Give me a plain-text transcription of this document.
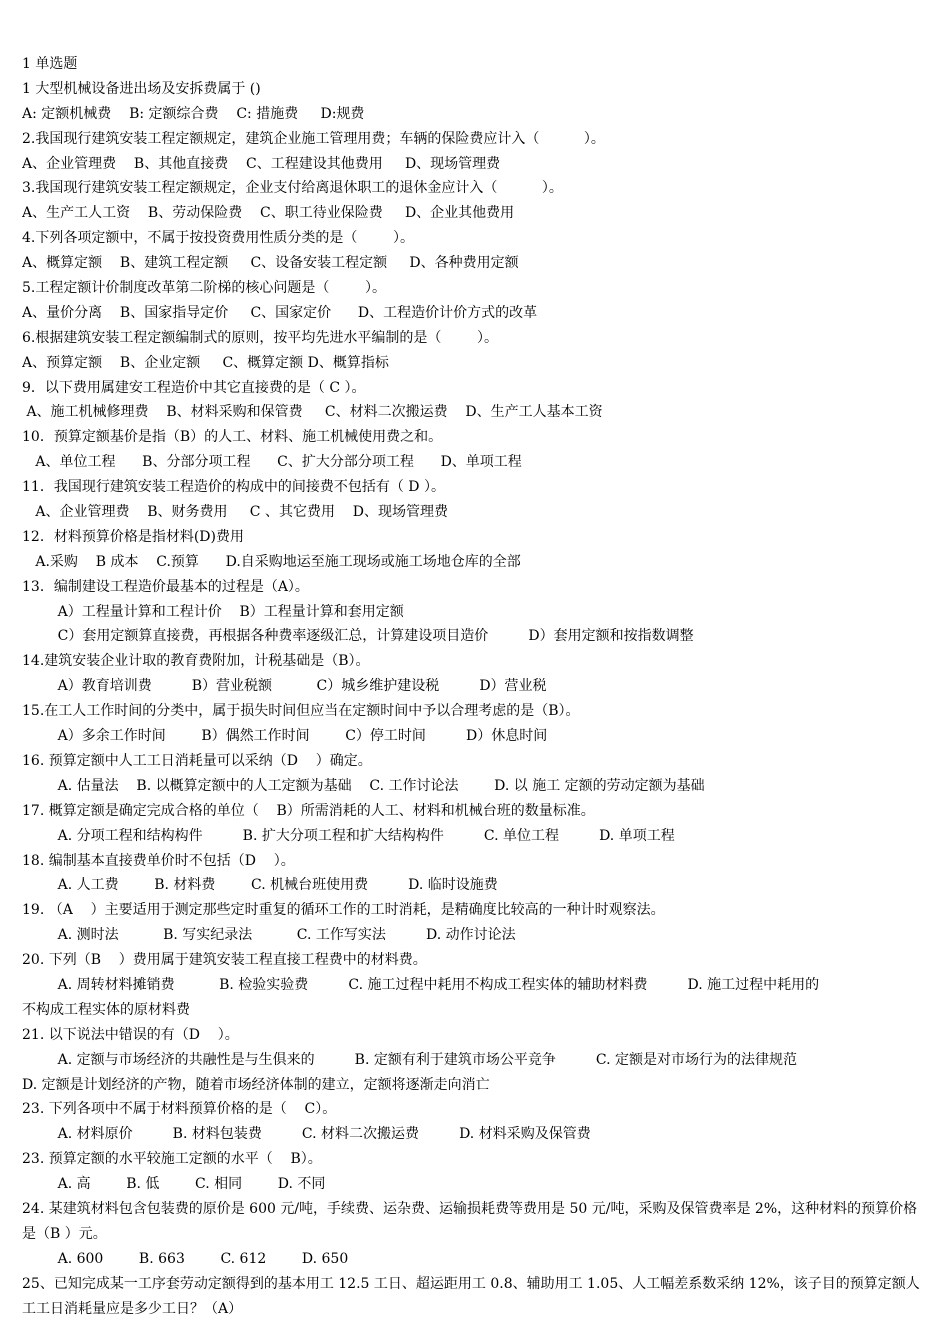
1 单选题
1 大型机械设备进出场及安拆费属于 ()
A: 定额机械费    B: 定额综合费    C: 措施费     D:规费
2.我国现行建筑安装工程定额规定，建筑企业施工管理用费；车辆的保险费应计入（          ）。
A、企业管理费    B、其他直接费    C、工程建设其他费用     D、现场管理费
3.我国现行建筑安装工程定额规定，企业支付给离退休职工的退休金应计入（          ）。
A、生产工人工资    B、劳动保险费    C、职工待业保险费     D、企业其他费用
4.下列各项定额中，不属于按投资费用性质分类的是（        ）。
A、概算定额    B、建筑工程定额     C、设备安装工程定额     D、各种费用定额
5.工程定额计价制度改革第二阶梯的核心问题是（        ）。
A、量价分离    B、国家指导定价     C、国家定价      D、工程造价计价方式的改革
6.根据建筑安装工程定额编制式的原则，按平均先进水平编制的是（        ）。
A、预算定额    B、企业定额     C、概算定额 D、概算指标
9．以下费用属建安工程造价中其它直接费的是（ C ）。
A、施工机械修理费    B、材料采购和保管费     C、材料二次搬运费    D、生产工人基本工资
10．预算定额基价是指（B）的人工、材料、施工机械使用费之和。
A、单位工程      B、分部分项工程      C、扩大分部分项工程      D、单项工程
11．我国现行建筑安装工程造价的构成中的间接费不包括有（ D ）。
A、企业管理费    B、财务费用     C 、其它费用    D、现场管理费
12．材料预算价格是指材料(D)费用
A.采购    B 成本    C.预算      D.自采购地运至施工现场或施工场地仓库的全部
13．编制建设工程造价最基本的过程是（A）。
A）工程量计算和工程计价    B）工程量计算和套用定额
C）套用定额算直接费，再根据各种费率逐级汇总，计算建设项目造价         D）套用定额和按指数调整
14.建筑安装企业计取的教育费附加，计税基础是（B）。
A）教育培训费         B）营业税额          C）城乡维护建设税         D）营业税
15.在工人工作时间的分类中，属于损失时间但应当在定额时间中予以合理考虑的是（B）。
A）多余工作时间        B）偶然工作时间        C）停工时间         D）休息时间
16. 预算定额中人工工日消耗量可以采纳（D    ）确定。
A. 估量法    B. 以概算定额中的人工定额为基础    C. 工作讨论法        D. 以 施工 定额的劳动定额为基础
17. 概算定额是确定完成合格的单位（    B）所需消耗的人工、材料和机械台班的数量标准。
A. 分项工程和结构构件         B. 扩大分项工程和扩大结构构件         C. 单位工程         D. 单项工程
18. 编制基本直接费单价时不包括（D    ）。
A. 人工费        B. 材料费        C. 机械台班使用费         D. 临时设施费
19. （A    ）主要适用于测定那些定时重复的循环工作的工时消耗，是精确度比较高的一种计时观察法。
A. 测时法          B. 写实纪录法          C. 工作写实法         D. 动作讨论法
20. 下列（B    ）费用属于建筑安装工程直接工程费中的材料费。
A. 周转材料摊销费          B. 检验实验费         C. 施工过程中耗用不构成工程实体的辅助材料费         D. 施工过程中耗用的
不构成工程实体的原材料费
21. 以下说法中错误的有（D    ）。
A. 定额与市场经济的共融性是与生俱来的         B. 定额有利于建筑市场公平竞争         C. 定额是对市场行为的法律规范
D. 定额是计划经济的产物，随着市场经济体制的建立，定额将逐渐走向消亡
23. 下列各项中不属于材料预算价格的是（    C）。
A. 材料原价         B. 材料包装费         C. 材料二次搬运费         D. 材料采购及保管费
23. 预算定额的水平较施工定额的水平（    B）。
A. 高        B. 低        C. 相同        D. 不同
24. 某建筑材料包含包装费的原价是 600 元/吨，手续费、运杂费、运输损耗费等费用是 50 元/吨，采购及保管费率是 2%，这种材料的预算价格是（B ）元。
A. 600        B. 663        C. 612        D. 650
25、已知完成某一工序套劳动定额得到的基本用工 12.5 工日、超运距用工 0.8、辅助用工 1.05、人工幅差系数采纳 12%，该子目的预算定额人工工日消耗量应是多少工日？（A）
